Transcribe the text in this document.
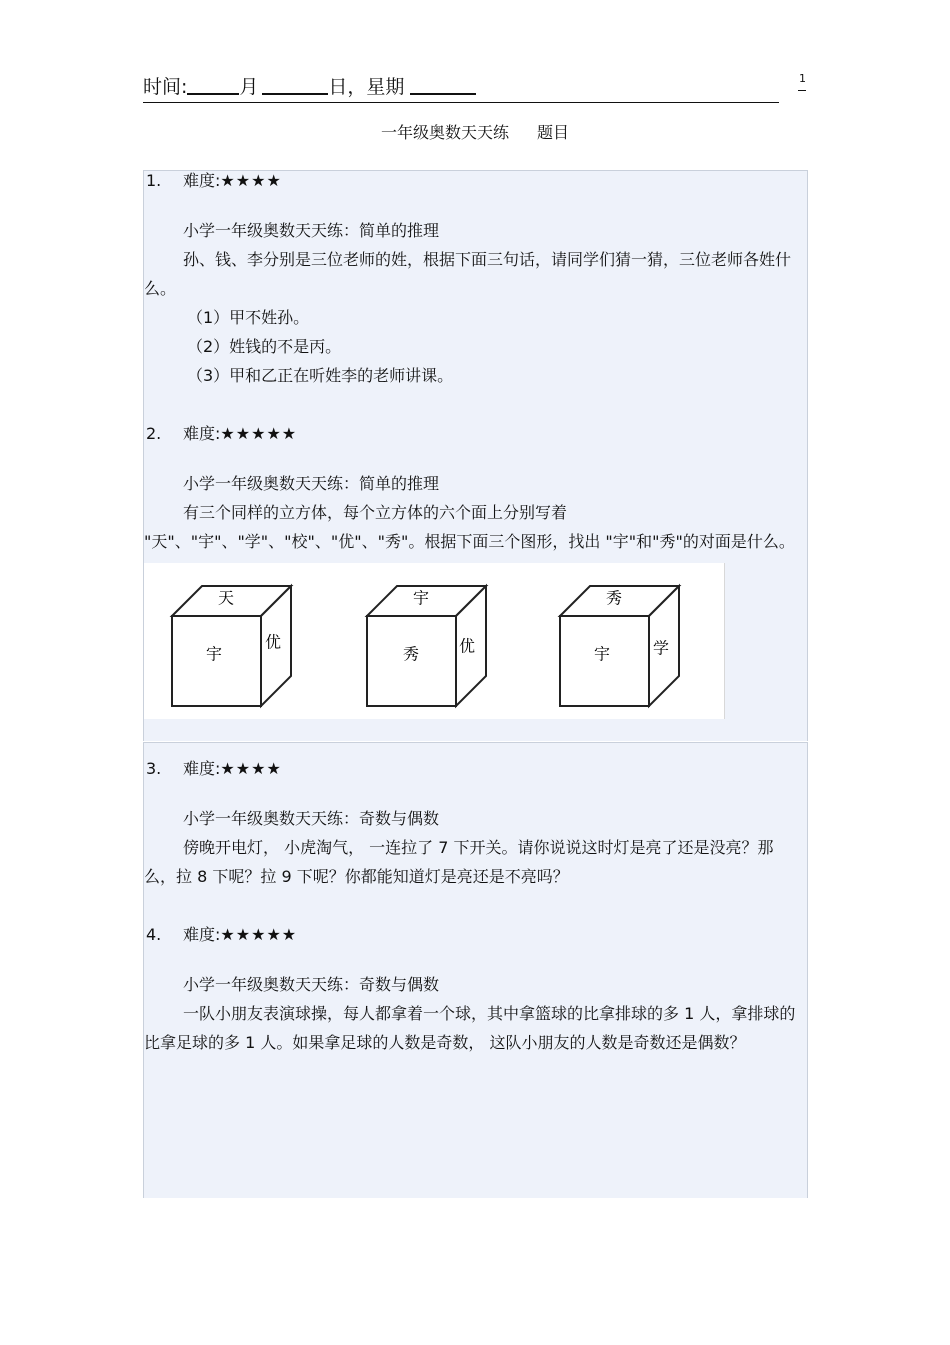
时间:	月	日，星期	1
一年级奥数天天练 题目
1. 难度:★★★★
小学一年级奥数天天练：简单的推理
孙、钱、李分别是三位老师的姓，根据下面三句话，请同学们猜一猜，三位老师各姓什么。
（1）甲不姓孙。
（2）姓钱的不是丙。
（3）甲和乙正在听姓李的老师讲课。
2. 难度:★★★★★
小学一年级奥数天天练：简单的推理
有三个同样的立方体，每个立方体的六个面上分别写着 "天"、"宇"、"学"、"校"、"优"、"秀"。根据下面三个图形，找出 "宇"和"秀"的对面是什么。
天
宇
优
宇
秀 优
秀
宇	学
3. 难度:★★★★
小学一年级奥数天天练：奇数与偶数
傍晚开电灯， 小虎淘气， 一连拉了 7 下开关。请你说说这时灯是亮了还是没亮？那么，拉 8 下呢？拉 9 下呢？你都能知道灯是亮还是不亮吗？
4. 难度:★★★★★
小学一年级奥数天天练：奇数与偶数
一队小朋友表演球操，每人都拿着一个球，其中拿篮球的比拿排球的多 1 人，拿排球的比拿足球的多 1 人。如果拿足球的人数是奇数， 这队小朋友的人数是奇数还是偶数？
